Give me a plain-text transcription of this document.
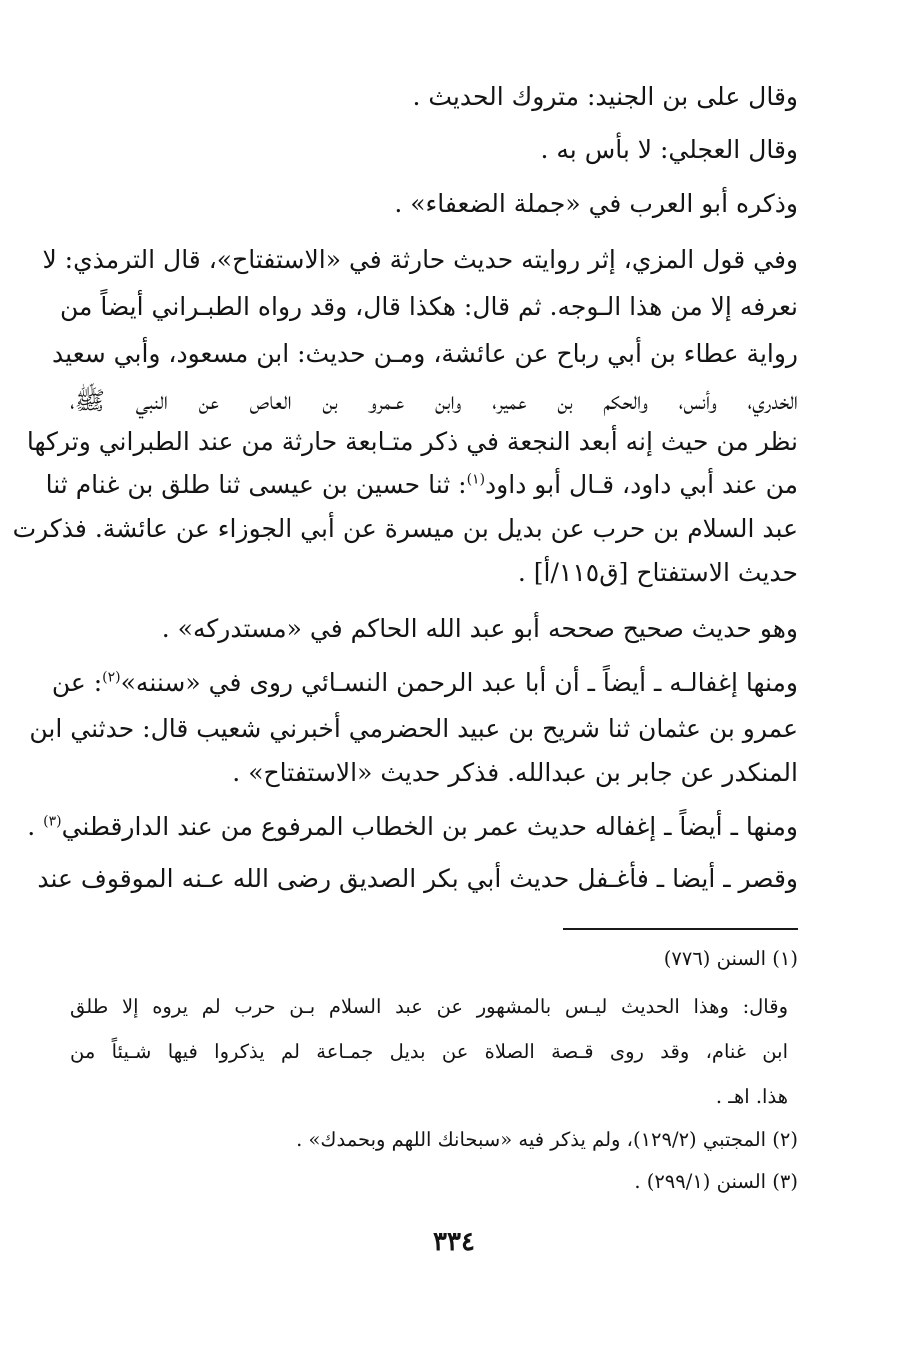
وقال على بن الجنيد: متروك الحديث .
وقال العجلي: لا بأس به .
وذكره أبو العرب في «جملة الضعفاء» .
وفي قول المزي، إثر روايته حديث حارثة في «الاستفتاح»، قال الترمذي: لا
نعرفه إلا من هذا الـوجه. ثم قال: هكذا قال، وقد رواه الطبـراني أيضاً من
رواية عطاء بن أبي رباح عن عائشة، ومـن حديث: ابن مسعود، وأبي سعيد
الخدري، وأنس، والحكم بن عمير، وابن عـمرو بن العاص عن النبي ﷺ،
نظر من حيث إنه أبعد النجعة في ذكر متـابعة حارثة من عند الطبراني وتركها
من عند أبي داود، قـال أبو داود$^{(١)}$: ثنا حسين بن عيسى ثنا طلق بن غنام ثنا
عبد السلام بن حرب عن بديل بن ميسرة عن أبي الجوزاء عن عائشة. فذكرت
حديث الاستفتاح [ق١١٥/أ] .
وهو حديث صحيح صححه أبو عبد الله الحاكم في «مستدركه» .
ومنها إغفالـه ـ أيضاً ـ أن أبا عبد الرحمن النسـائي روى في «سننه»$^{(٢)}$: عن
عمرو بن عثمان ثنا شريح بن عبيد الحضرمي أخبرني شعيب قال: حدثني ابن
المنكدر عن جابر بن عبدالله. فذكر حديث «الاستفتاح» .
ومنها ـ أيضاً ـ إغفاله حديث عمر بن الخطاب المرفوع من عند الدارقطني$^{(٣)}$ .
وقصر ـ أيضا ـ فأغـفل حديث أبي بكر الصديق رضى الله عـنه الموقوف عند
(١) السنن (٧٧٦)
وقال: وهذا الحديث ليـس بالمشهور عن عبد السلام بـن حرب لم يروه إلا طلق
ابن غنام، وقد روى قـصة الصلاة عن بديل جمـاعة لم يذكروا فيها شـيئاً من
هذا. اهـ .
(٢) المجتبي (١٢٩/٢)، ولم يذكر فيه «سبحانك اللهم وبحمدك» .
(٣) السنن (٢٩٩/١) .
٣٣٤
